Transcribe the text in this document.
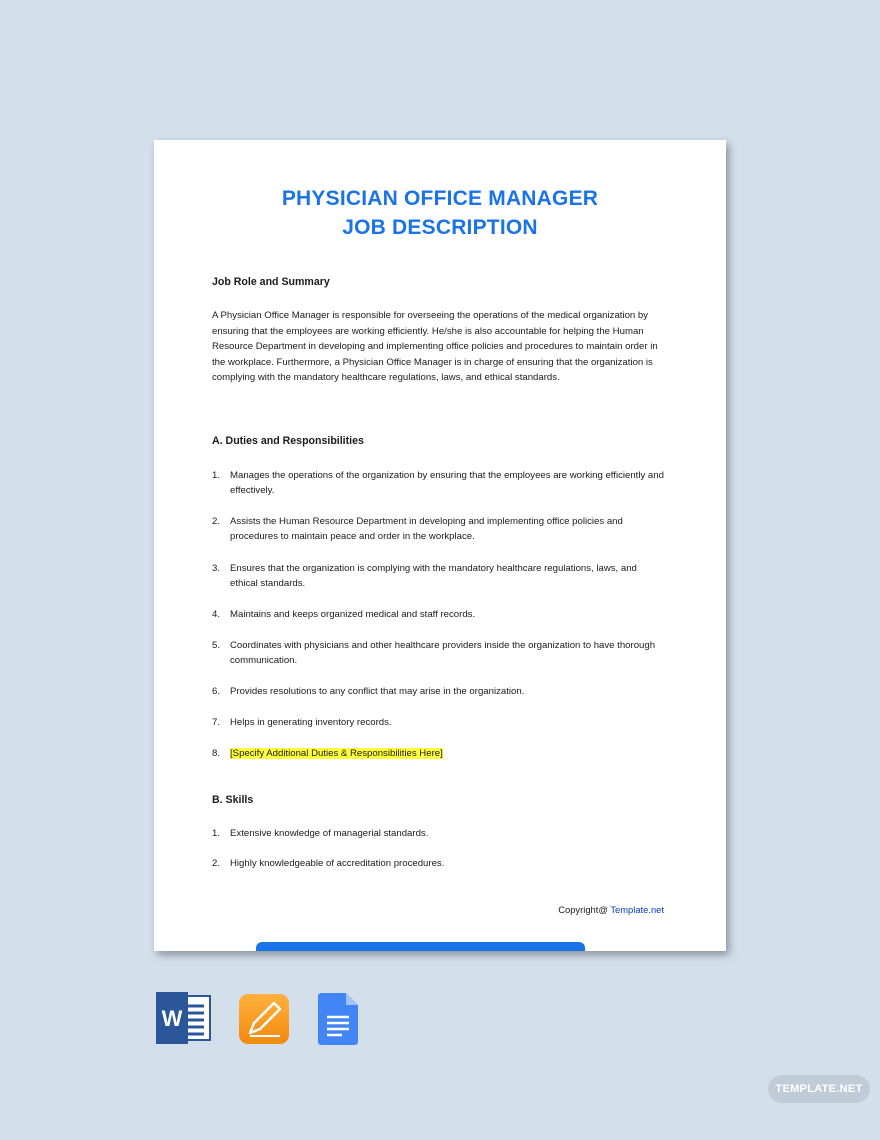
PHYSICIAN OFFICE MANAGER
JOB DESCRIPTION
Job Role and Summary
A Physician Office Manager is responsible for overseeing the operations of the medical organization by ensuring that the employees are working efficiently. He/she is also accountable for helping the Human Resource Department in developing and implementing office policies and procedures to maintain order in the workplace. Furthermore, a Physician Office Manager is in charge of ensuring that the organization is complying with the mandatory healthcare regulations, laws, and ethical standards.
A. Duties and Responsibilities
1. Manages the operations of the organization by ensuring that the employees are working efficiently and effectively.
2. Assists the Human Resource Department in developing and implementing office policies and procedures to maintain peace and order in the workplace.
3. Ensures that the organization is complying with the mandatory healthcare regulations, laws, and ethical standards.
4. Maintains and keeps organized medical and staff records.
5. Coordinates with physicians and other healthcare providers inside the organization to have thorough communication.
6. Provides resolutions to any conflict that may arise in the organization.
7. Helps in generating inventory records.
8. [Specify Additional Duties & Responsibilities Here]
B. Skills
1. Extensive knowledge of managerial standards.
2. Highly knowledgeable of accreditation procedures.
Copyright@ Template.net
W
TEMPLATE.NET
